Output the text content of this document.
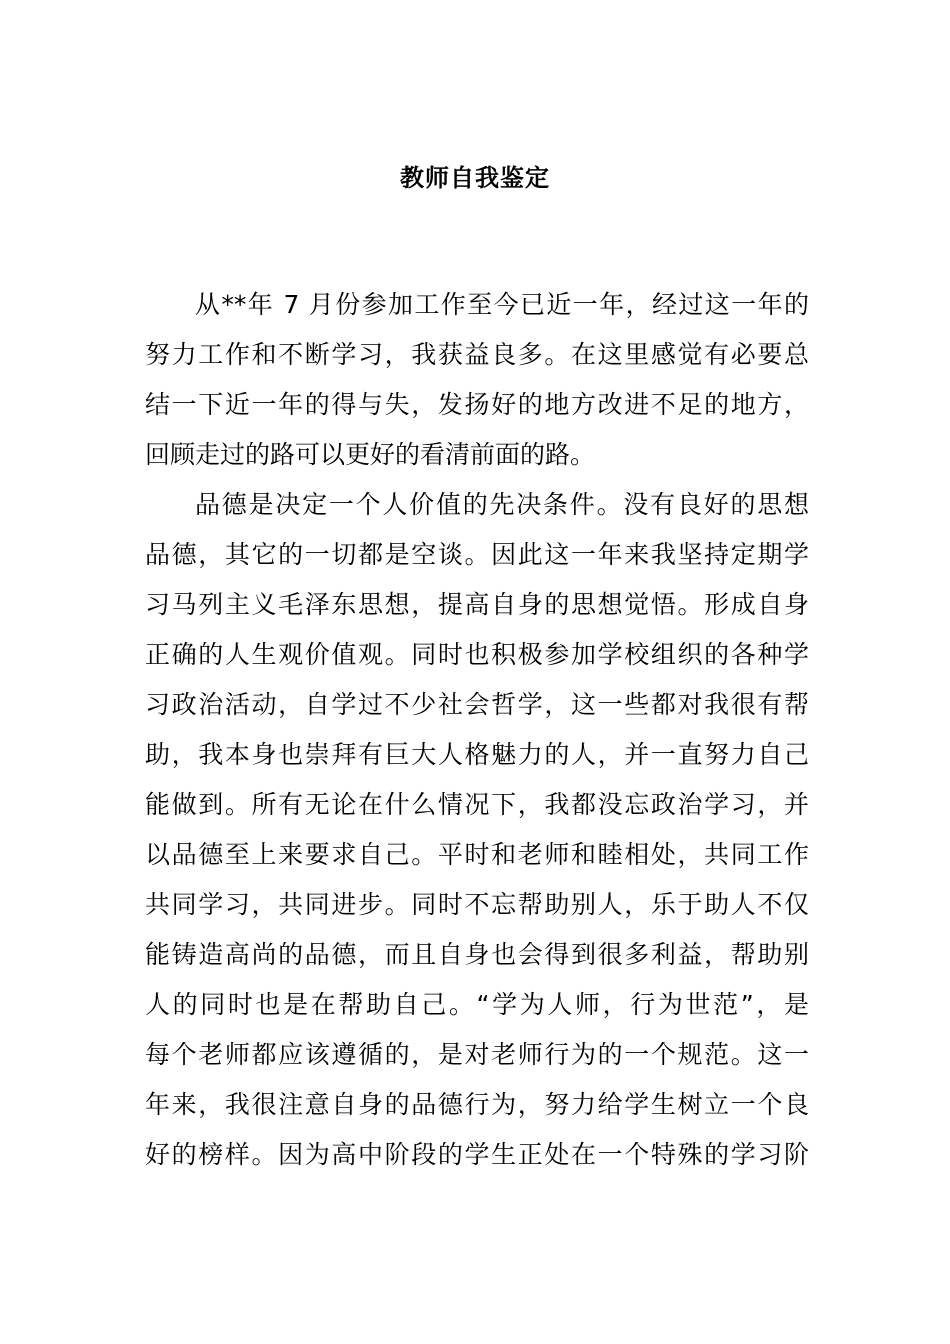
教师自我鉴定
从**年 7 月份参加工作至今已近一年，经过这一年的
努力工作和不断学习，我获益良多。在这里感觉有必要总
结一下近一年的得与失，发扬好的地方改进不足的地方，
回顾走过的路可以更好的看清前面的路。
品德是决定一个人价值的先决条件。没有良好的思想
品德，其它的一切都是空谈。因此这一年来我坚持定期学
习马列主义毛泽东思想，提高自身的思想觉悟。形成自身
正确的人生观价值观。同时也积极参加学校组织的各种学
习政治活动，自学过不少社会哲学，这一些都对我很有帮
助，我本身也崇拜有巨大人格魅力的人，并一直努力自己
能做到。所有无论在什么情况下，我都没忘政治学习，并
以品德至上来要求自己。平时和老师和睦相处，共同工作
共同学习，共同进步。同时不忘帮助别人，乐于助人不仅
能铸造高尚的品德，而且自身也会得到很多利益，帮助别
人的同时也是在帮助自己。“学为人师，行为世范”，是
每个老师都应该遵循的，是对老师行为的一个规范。这一
年来，我很注意自身的品德行为，努力给学生树立一个良
好的榜样。因为高中阶段的学生正处在一个特殊的学习阶
